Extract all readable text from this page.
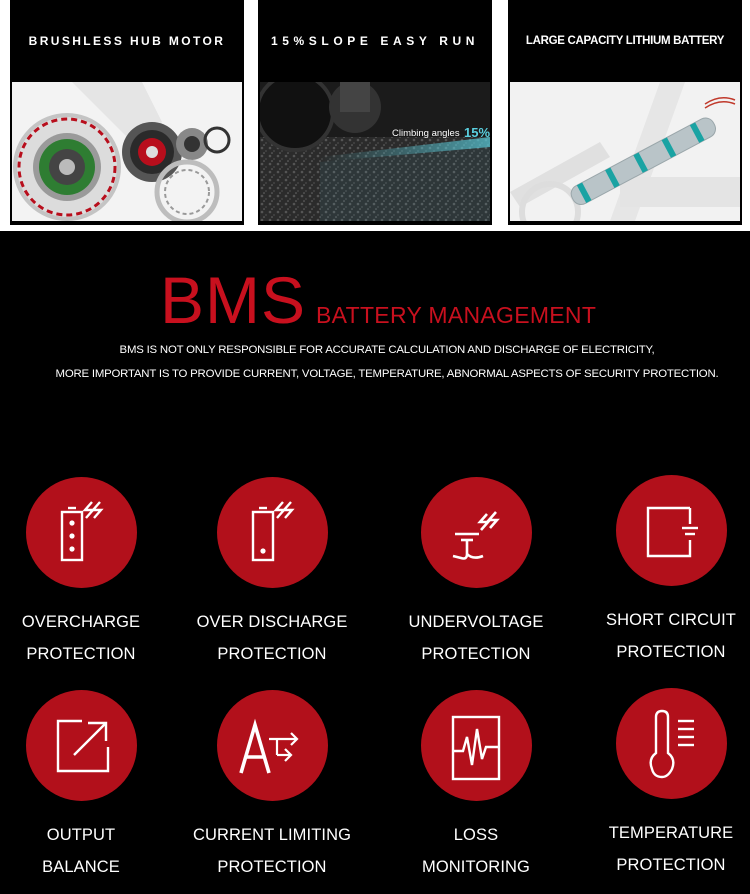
BRUSHLESS HUB MOTOR	15%SLOPE EASY RUN
Climbing angles 15%
LARGE CAPACITY LITHIUM BATTERY
BMS BATTERY MANAGEMENT
BMS IS NOT ONLY RESPONSIBLE FOR ACCURATE CALCULATION AND DISCHARGE OF ELECTRICITY,
MORE IMPORTANT IS TO PROVIDE CURRENT, VOLTAGE, TEMPERATURE, ABNORMAL ASPECTS OF SECURITY PROTECTION.
OVERCHARGE
PROTECTION
OVER DISCHARGE
PROTECTION
UNDERVOLTAGE
PROTECTION
SHORT CIRCUIT
PROTECTION
OUTPUT
BALANCE
CURRENT LIMITING
PROTECTION
LOSS
MONITORING
TEMPERATURE
PROTECTION
